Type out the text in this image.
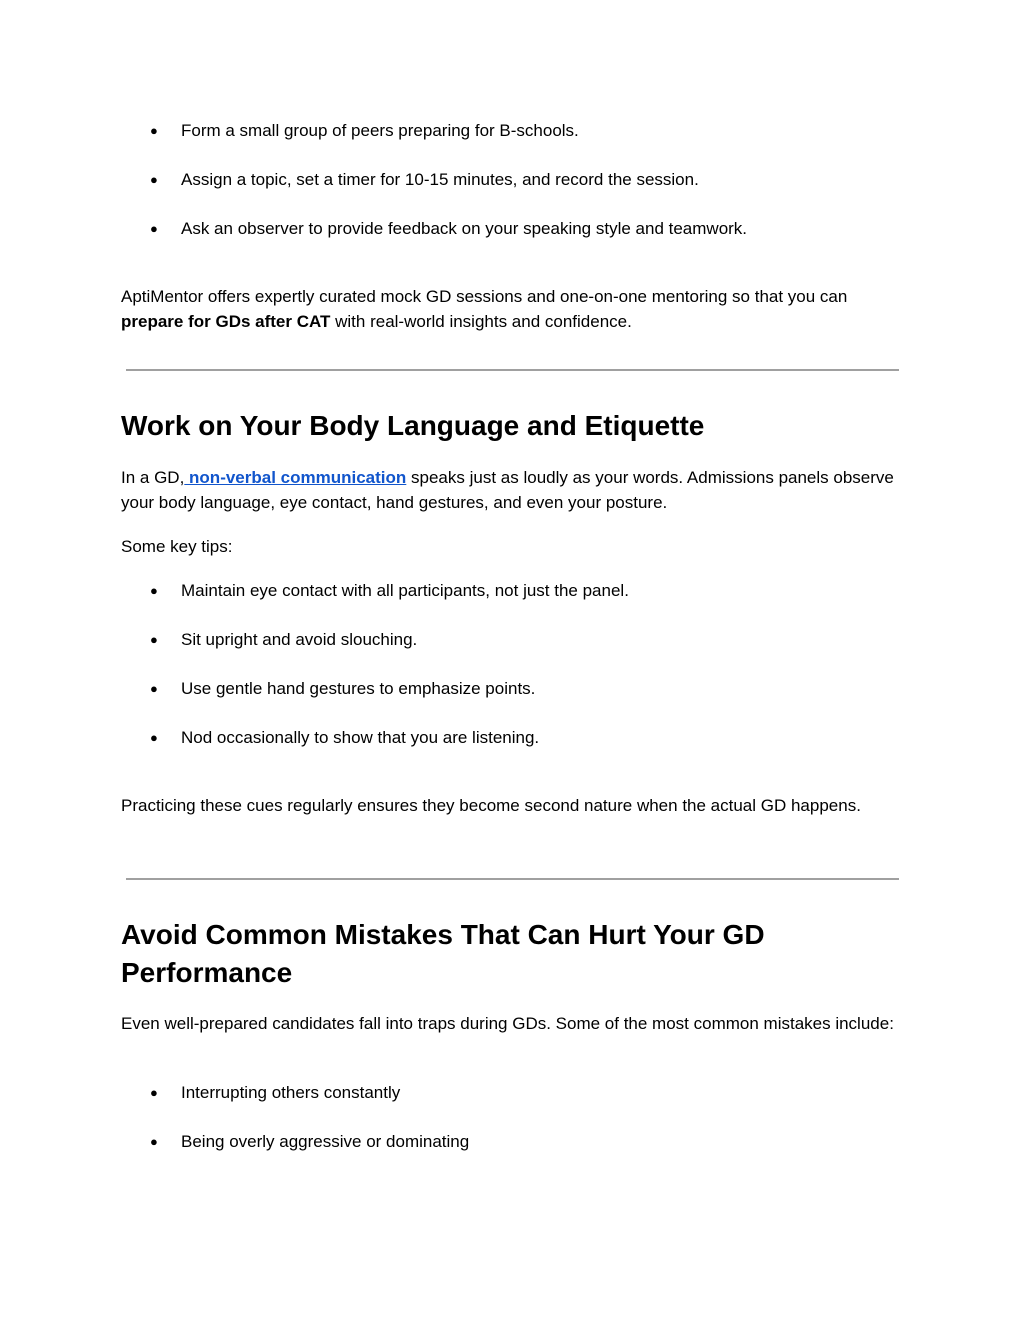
● Form a small group of peers preparing for B-schools.
● Assign a topic, set a timer for 10-15 minutes, and record the session.
● Ask an observer to provide feedback on your speaking style and teamwork.

AptiMentor offers expertly curated mock GD sessions and one-on-one mentoring so that you can prepare for GDs after CAT with real-world insights and confidence.

Work on Your Body Language and Etiquette

In a GD, non-verbal communication speaks just as loudly as your words. Admissions panels observe your body language, eye contact, hand gestures, and even your posture.

Some key tips:

● Maintain eye contact with all participants, not just the panel.
● Sit upright and avoid slouching.
● Use gentle hand gestures to emphasize points.
● Nod occasionally to show that you are listening.

Practicing these cues regularly ensures they become second nature when the actual GD happens.

Avoid Common Mistakes That Can Hurt Your GD Performance

Even well-prepared candidates fall into traps during GDs. Some of the most common mistakes include:

● Interrupting others constantly
● Being overly aggressive or dominating
